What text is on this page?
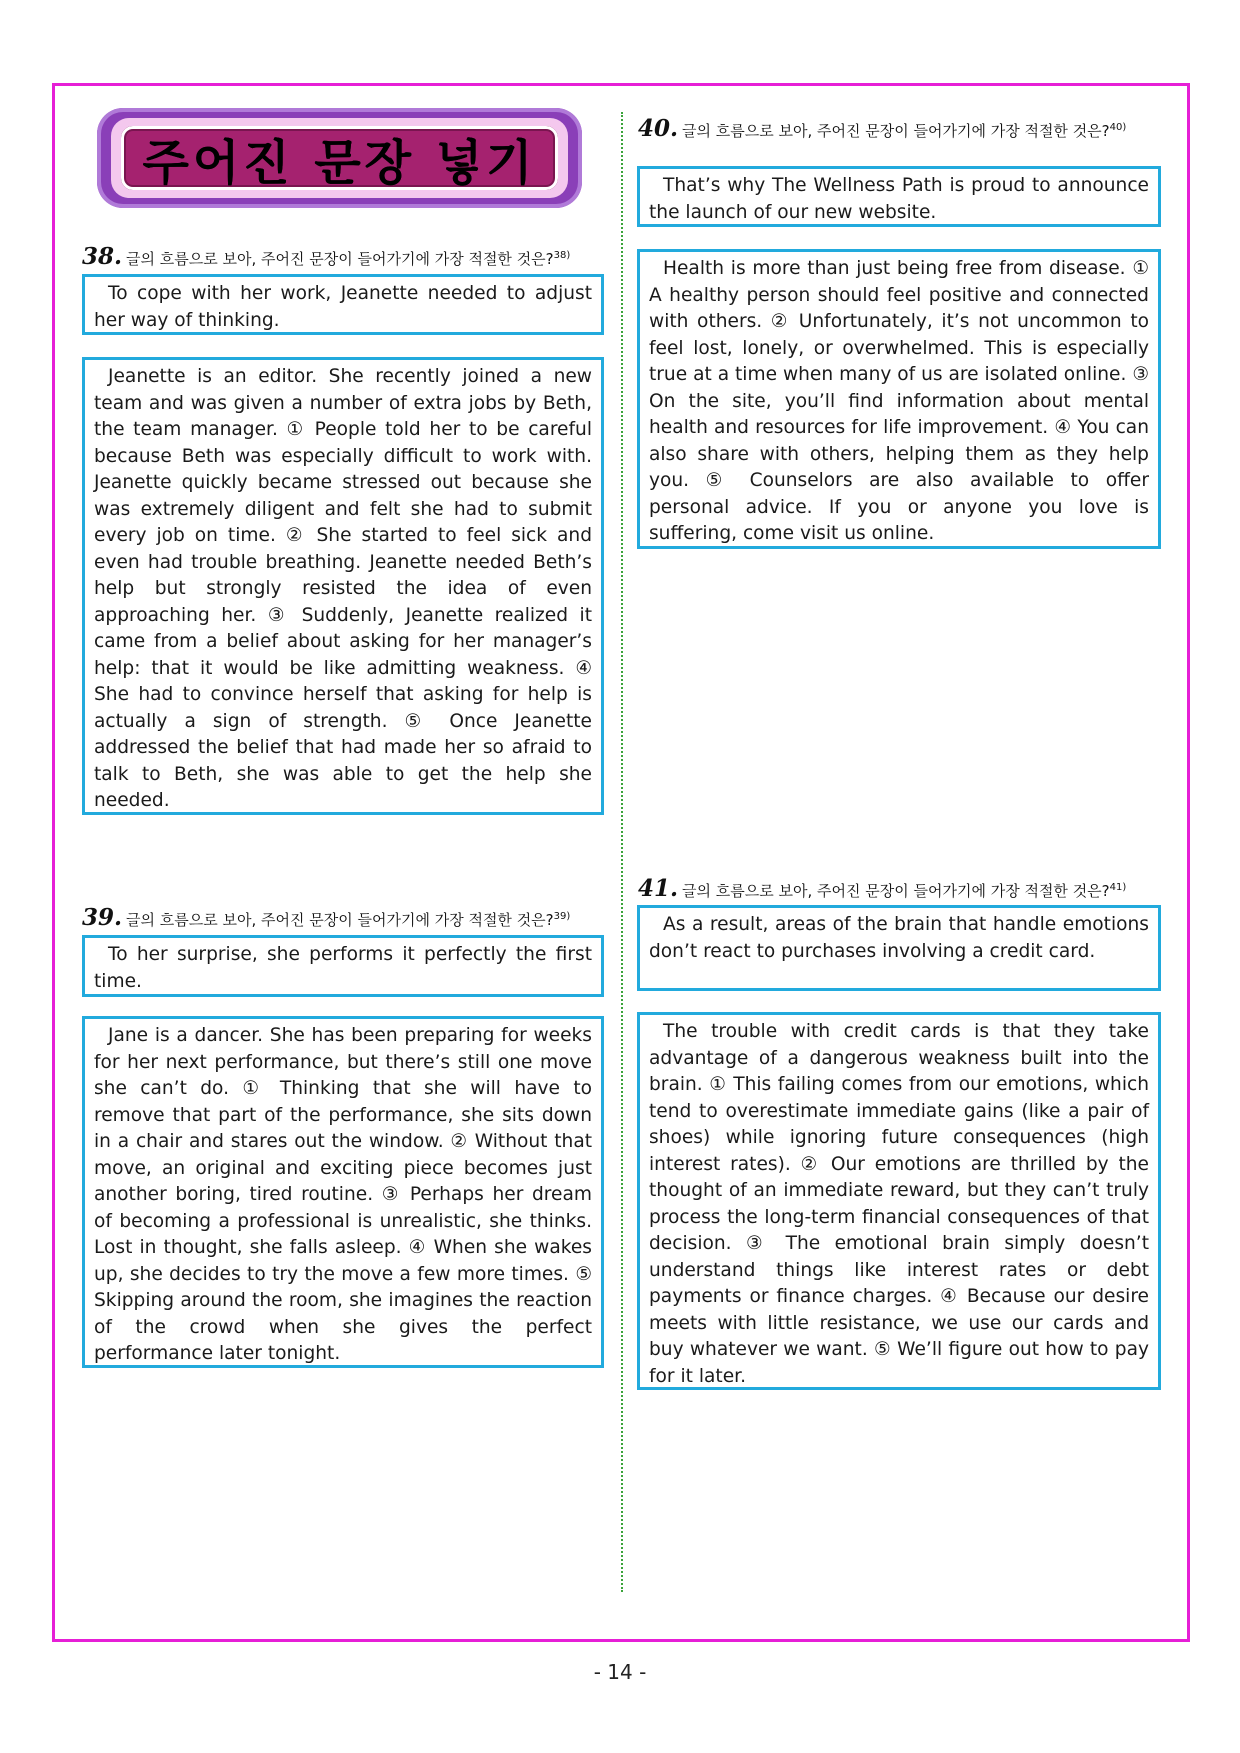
주어진 문장 넣기
38. 글의 흐름으로 보아, 주어진 문장이 들어가기에 가장 적절한 것은?$^{38)}$

To cope with her work, Jeanette needed to adjust her way of thinking.

Jeanette is an editor. She recently joined a new team and was given a number of extra jobs by Beth, the team manager. ① People told her to be careful because Beth was especially difficult to work with. Jeanette quickly became stressed out because she was extremely diligent and felt she had to submit every job on time. ② She started to feel sick and even had trouble breathing. Jeanette needed Beth’s help but strongly resisted the idea of even approaching her. ③ Suddenly, Jeanette realized it came from a belief about asking for her manager’s help: that it would be like admitting weakness. ④ She had to convince herself that asking for help is actually a sign of strength. ⑤ Once Jeanette addressed the belief that had made her so afraid to talk to Beth, she was able to get the help she needed.

39. 글의 흐름으로 보아, 주어진 문장이 들어가기에 가장 적절한 것은?$^{39)}$

To her surprise, she performs it perfectly the first time.

Jane is a dancer. She has been preparing for weeks for her next performance, but there’s still one move she can’t do. ① Thinking that she will have to remove that part of the performance, she sits down in a chair and stares out the window. ② Without that move, an original and exciting piece becomes just another boring, tired routine. ③ Perhaps her dream of becoming a professional is unrealistic, she thinks. Lost in thought, she falls asleep. ④ When she wakes up, she decides to try the move a few more times. ⑤ Skipping around the room, she imagines the reaction of the crowd when she gives the perfect performance later tonight.

40. 글의 흐름으로 보아, 주어진 문장이 들어가기에 가장 적절한 것은?$^{40)}$

That’s why The Wellness Path is proud to announce the launch of our new website.

Health is more than just being free from disease. ① A healthy person should feel positive and connected with others. ② Unfortunately, it’s not uncommon to feel lost, lonely, or overwhelmed. This is especially true at a time when many of us are isolated online. ③ On the site, you’ll find information about mental health and resources for life improvement. ④ You can also share with others, helping them as they help you. ⑤ Counselors are also available to offer personal advice. If you or anyone you love is suffering, come visit us online.

41. 글의 흐름으로 보아, 주어진 문장이 들어가기에 가장 적절한 것은?$^{41)}$

As a result, areas of the brain that handle emotions don’t react to purchases involving a credit card.

The trouble with credit cards is that they take advantage of a dangerous weakness built into the brain. ① This failing comes from our emotions, which tend to overestimate immediate gains (like a pair of shoes) while ignoring future consequences (high interest rates). ② Our emotions are thrilled by the thought of an immediate reward, but they can’t truly process the long-term financial consequences of that decision. ③ The emotional brain simply doesn’t understand things like interest rates or debt payments or finance charges. ④ Because our desire meets with little resistance, we use our cards and buy whatever we want. ⑤ We’ll figure out how to pay for it later.

- 14 -
